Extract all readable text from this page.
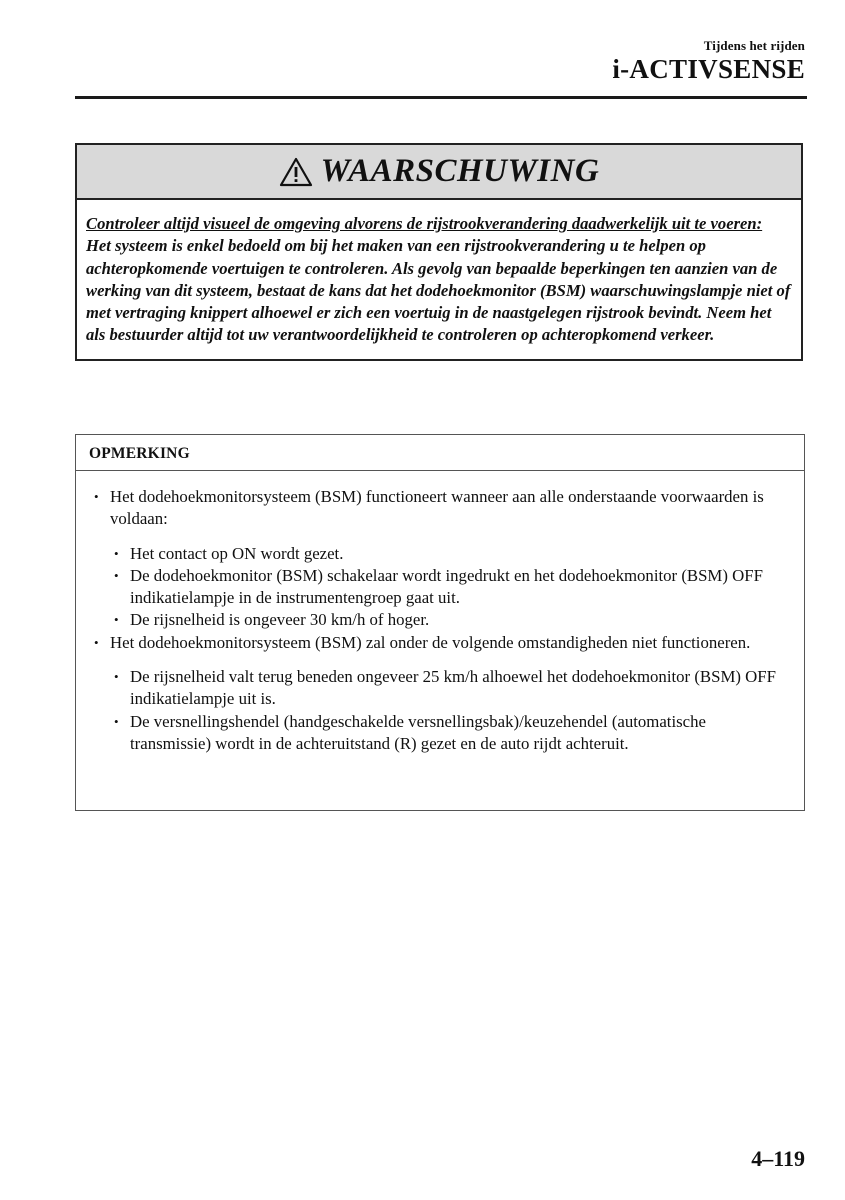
Tijdens het rijden
i-ACTIVSENSE
WAARSCHUWING
Controleer altijd visueel de omgeving alvorens de rijstrookverandering daadwerkelijk uit te voeren:
Het systeem is enkel bedoeld om bij het maken van een rijstrookverandering u te helpen op achteropkomende voertuigen te controleren. Als gevolg van bepaalde beperkingen ten aanzien van de werking van dit systeem, bestaat de kans dat het dodehoekmonitor (BSM) waarschuwingslampje niet of met vertraging knippert alhoewel er zich een voertuig in de naastgelegen rijstrook bevindt. Neem het als bestuurder altijd tot uw verantwoordelijkheid te controleren op achteropkomend verkeer.
OPMERKING
• Het dodehoekmonitorsysteem (BSM) functioneert wanneer aan alle onderstaande voorwaarden is voldaan:
• Het contact op ON wordt gezet.
• De dodehoekmonitor (BSM) schakelaar wordt ingedrukt en het dodehoekmonitor (BSM) OFF indikatielampje in de instrumentengroep gaat uit.
• De rijsnelheid is ongeveer 30 km/h of hoger.
• Het dodehoekmonitorsysteem (BSM) zal onder de volgende omstandigheden niet functioneren.
• De rijsnelheid valt terug beneden ongeveer 25 km/h alhoewel het dodehoekmonitor (BSM) OFF indikatielampje uit is.
• De versnellingshendel (handgeschakelde versnellingsbak)/keuzehendel (automatische transmissie) wordt in de achteruitstand (R) gezet en de auto rijdt achteruit.
4–119
